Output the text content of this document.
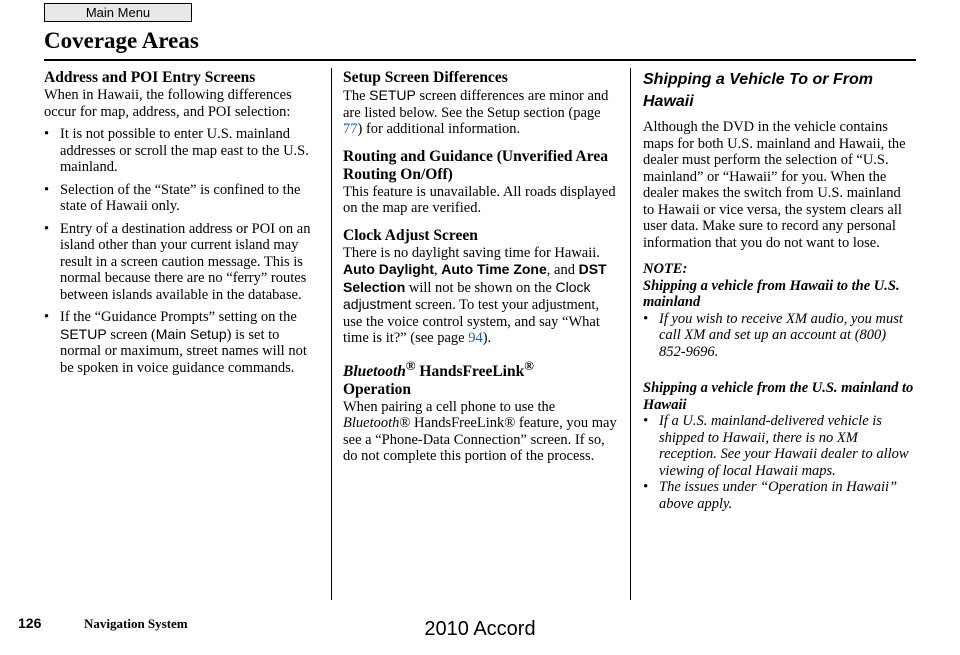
Main Menu
Coverage Areas
Address and POI Entry Screens

When in Hawaii, the following differences occur for map, address, and POI selection:

• It is not possible to enter U.S. mainland addresses or scroll the map east to the U.S. mainland.
• Selection of the “State” is confined to the state of Hawaii only.
• Entry of a destination address or POI on an island other than your current island may result in a screen caution message. This is normal because there are no “ferry” routes between islands available in the database.
• If the “Guidance Prompts” setting on the SETUP screen (Main Setup) is set to normal or maximum, street names will not be spoken in voice guidance commands.
Setup Screen Differences

The SETUP screen differences are minor and are listed below. See the Setup section (page 77) for additional information.

Routing and Guidance (Unverified Area Routing On/Off)

This feature is unavailable. All roads displayed on the map are verified.

Clock Adjust Screen

There is no daylight saving time for Hawaii. Auto Daylight, Auto Time Zone, and DST Selection will not be shown on the Clock adjustment screen. To test your adjustment, use the voice control system, and say “What time is it?” (see page 94).

Bluetooth® HandsFreeLink®
Operation

When pairing a cell phone to use the Bluetooth® HandsFreeLink® feature, you may see a “Phone-Data Connection” screen. If so, do not complete this portion of the process.

Shipping a Vehicle To or From Hawaii

Although the DVD in the vehicle contains maps for both U.S. mainland and Hawaii, the dealer must perform the selection of “U.S. mainland” or “Hawaii” for you. When the dealer makes the switch from U.S. mainland to Hawaii or vice versa, the system clears all user data. Make sure to record any personal information that you do not want to lose.

NOTE:

Shipping a vehicle from Hawaii to the U.S. mainland

• If you wish to receive XM audio, you must call XM and set up an account at (800) 852-9696.

Shipping a vehicle from the U.S. mainland to Hawaii

• If a U.S. mainland-delivered vehicle is shipped to Hawaii, there is no XM reception. See your Hawaii dealer to allow viewing of local Hawaii maps.
• The issues under “Operation in Hawaii” above apply.
126	Navigation System	2010 Accord
